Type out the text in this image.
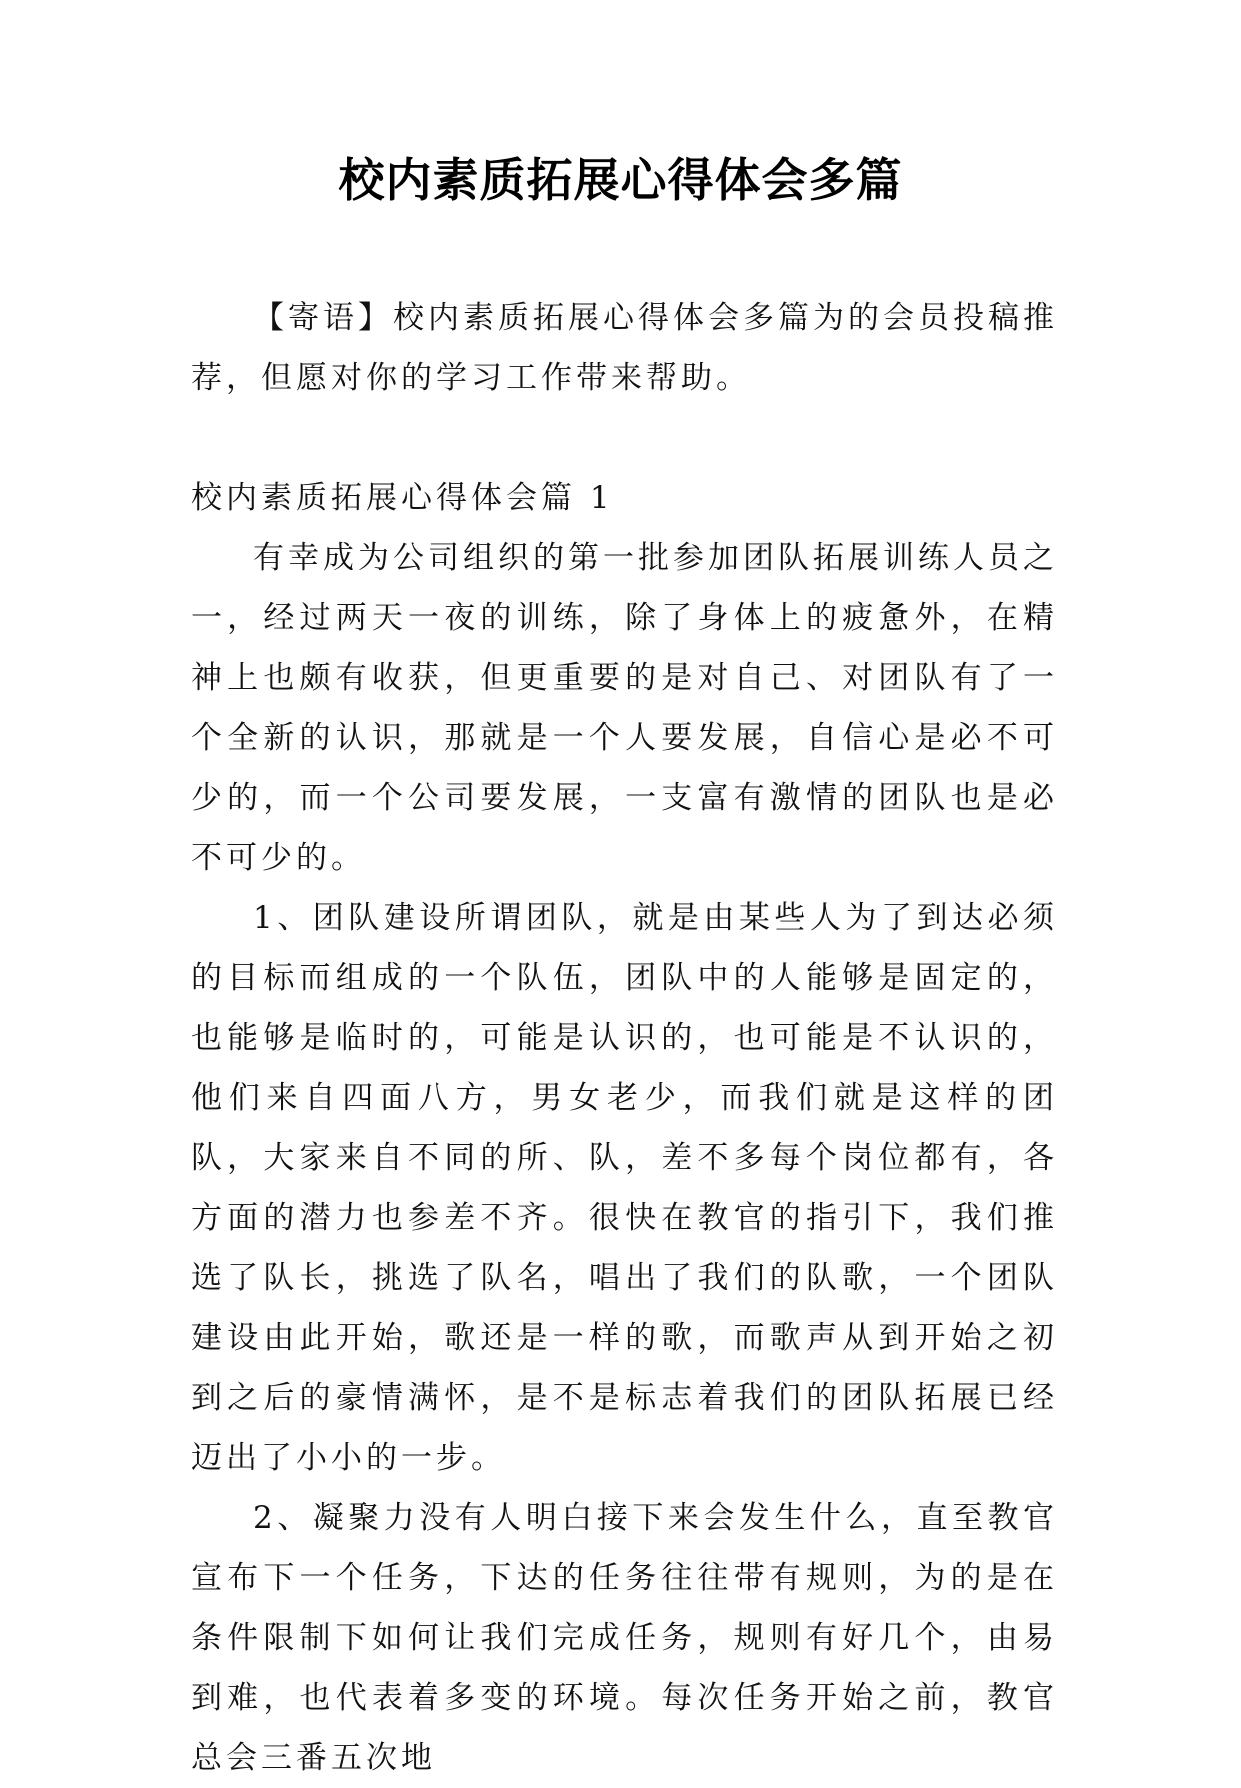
校内素质拓展心得体会多篇

【寄语】校内素质拓展心得体会多篇为的会员投稿推荐，但愿对你的学习工作带来帮助。

校内素质拓展心得体会篇 1

有幸成为公司组织的第一批参加团队拓展训练人员之一，经过两天一夜的训练，除了身体上的疲惫外，在精神上也颇有收获，但更重要的是对自己、对团队有了一个全新的认识，那就是一个人要发展，自信心是必不可少的，而一个公司要发展，一支富有激情的团队也是必不可少的。

1、团队建设所谓团队，就是由某些人为了到达必须的目标而组成的一个队伍，团队中的人能够是固定的，也能够是临时的，可能是认识的，也可能是不认识的，他们来自四面八方，男女老少，而我们就是这样的团队，大家来自不同的所、队，差不多每个岗位都有，各方面的潜力也参差不齐。很快在教官的指引下，我们推选了队长，挑选了队名，唱出了我们的队歌，一个团队建设由此开始，歌还是一样的歌，而歌声从到开始之初到之后的豪情满怀，是不是标志着我们的团队拓展已经迈出了小小的一步。

2、凝聚力没有人明白接下来会发生什么，直至教官宣布下一个任务，下达的任务往往带有规则，为的是在条件限制下如何让我们完成任务，规则有好几个，由易到难，也代表着多变的环境。每次任务开始之前，教官总会三番五次地
